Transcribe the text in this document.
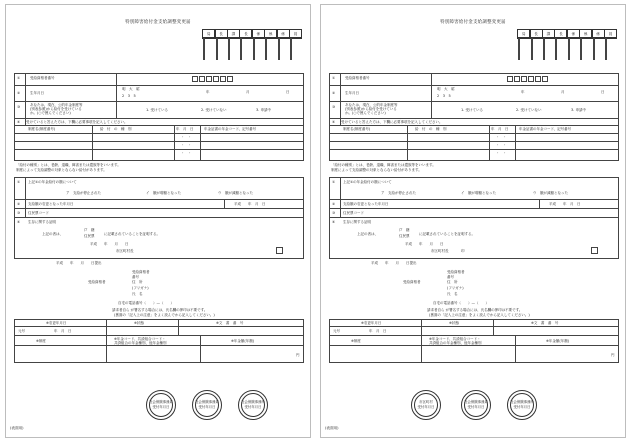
特別障害給付金支給調整変更届
局	長	課	長	係	係	係	員
①	受給資格者番号
②	生年月日
明　大　昭
2　3　5
年	月	日
③	あなたは、現在、公的年金制度等
(別表参照)から給付を受けている
か。(○で囲んでください)
1. 受けている	2. 受けていない	3. 申請中
④ 受けていると答えた方は、下欄に必要事項を記入してください。
制度名(制度番号)	給　付　の　種　別	年　月　日	年金証書の年金コード、記号番号
・　・
・　・
・　・
「給付の種別」とは、老齢、退職、障害または遺族等をいいます。
制度によって支給調整の対象とならない給付があります。
① 上記①の年金給付の額について
ア　支給が停止された	イ　額が増額となった	ウ　額が減額となった
② 支給額の変更となった年月日	平成　　年　月　日
③ 住民票コード
④ 生存に関する証明
上記の者は、
戸　籍
住民票	に記載されていることを証明する。
平成　　年　　月　　日
市区町村長
平成　　年　　月　　日提出
受給資格者
番号
受給資格者	住　所
(フリガナ)
氏　名
自宅の電話番号（　　）—（　　）
請求者自ら が署名する場合には、氏名欄の押印は不要です。
(裏面の「記入上の注意」をよく読んでから記入してください。)
※変更年月日	※状態	※文　書　番　号
元号	年　月　日
※制度	※年金コード、共済組合コード・
共済組合の年金種別、他年金種別	※年金額(年額)
円
社会保険事務局
受付年月日
社会保険事務局
受付年月日
社会保険事務所
受付年月日
(表面用)
特別障害給付金支給調整変更届
局	長	課	長	係	係	係	員
①	受給資格者番号
②	生年月日
明　大　昭
2　3　5
年	月	日
③	あなたは、現在、公的年金制度等
(別表参照)から給付を受けている
か。(○で囲んでください)
1. 受けている	2. 受けていない	3. 申請中
④ 受けていると答えた方は、下欄に必要事項を記入してください。
制度名(制度番号)	給　付　の　種　別	年　月　日	年金証書の年金コード、記号番号
・　・
・　・
・　・
「給付の種別」とは、老齢、退職、障害または遺族等をいいます。
制度によって支給調整の対象とならない給付があります。
① 上記①の年金給付の額について
ア　支給が停止された	イ　額が増額となった	ウ　額が減額となった
② 支給額の変更となった年月日	平成　　年　月　日
③ 住民票コード
④ 生存に関する証明
上記の者は、
戸　籍
住民票	に記載されていることを証明する。
平成　　年　　月　　日
市区町村長	印
平成　　年　　月　　日提出
受給資格者
番号
受給資格者	住　所
(フリガナ)
氏　名
自宅の電話番号（　　）—（　　）
請求者自ら が署名する場合には、氏名欄の押印は不要です。
(裏面の「記入上の注意」をよく読んでから記入してください。)
※変更年月日	※状態	※文　書　番　号
元号	年　月　日
※制度	※年金コード、共済組合コード・
共済組合の年金種別、他年金種別	※年金額(年額)
円
市区町村
受付年月日
社会保険事務局
受付年月日
社会保険事務所
受付年月日
(表面用)
